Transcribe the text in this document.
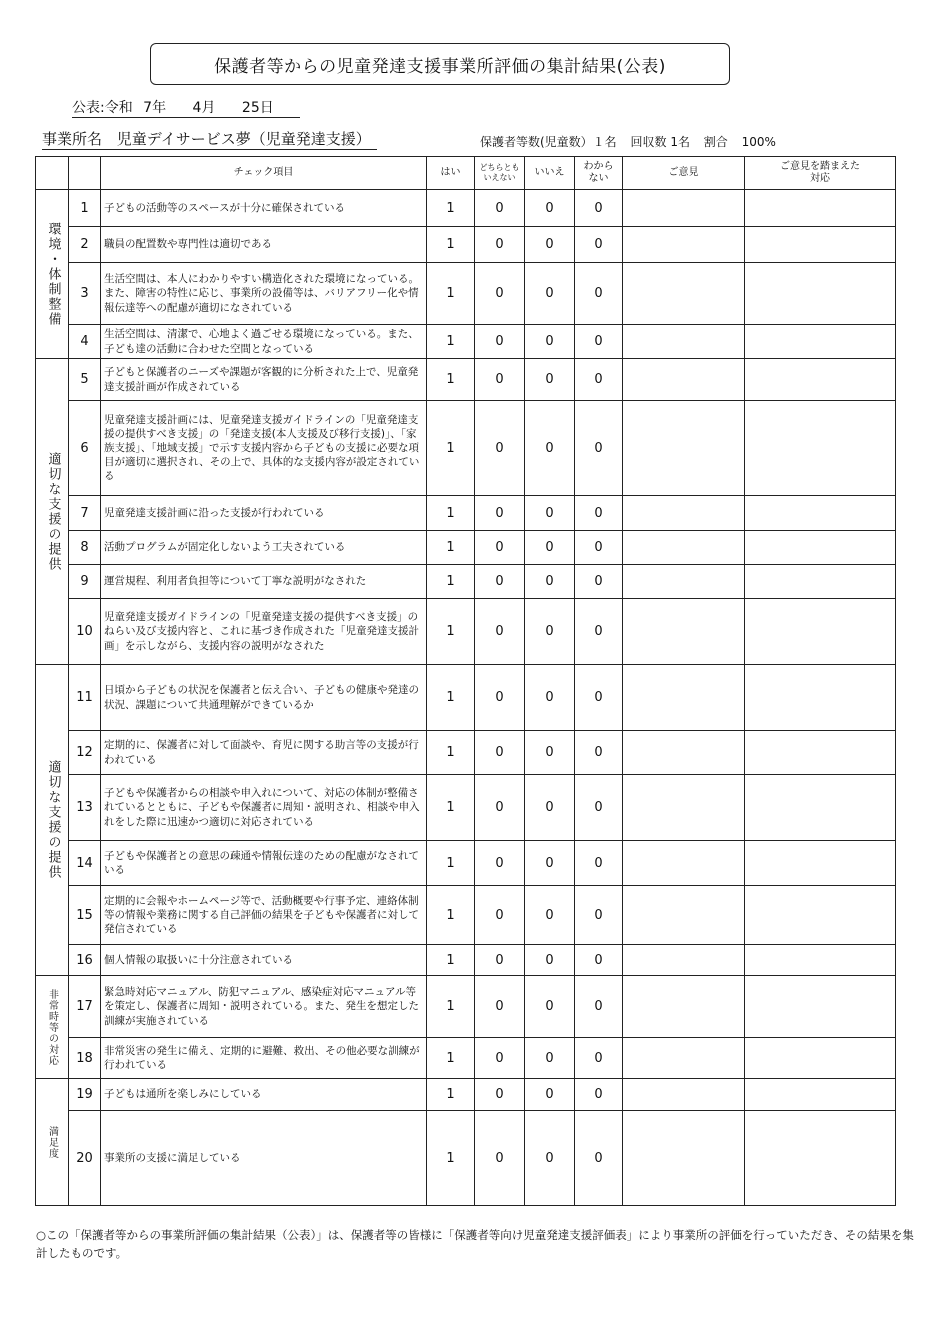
保護者等からの児童発達支援事業所評価の集計結果(公表)
公表:令和 7年 4月 25日
事業所名 児童デイサービス夢（児童発達支援）	保護者等数(児童数）１名 回収数 1名 割合 100%
		チェック項目	はい	どちらとも
いえない	いいえ	わから
ない	ご意見	ご意見を踏まえた
対応
環境・体制整備	1	子どもの活動等のスペースが十分に確保されている	1	0	0	0		
	2	職員の配置数や専門性は適切である	1	0	0	0		
	3	生活空間は、本人にわかりやすい構造化された環境になっている。また、障害の特性に応じ、事業所の設備等は、バリアフリー化や情報伝達等への配慮が適切になされている	1	0	0	0		
	4	生活空間は、清潔で、心地よく過ごせる環境になっている。また、子ども達の活動に合わせた空間となっている	1	0	0	0		
適切な支援の提供	5	子どもと保護者のニーズや課題が客観的に分析された上で、児童発達支援計画が作成されている	1	0	0	0		
	6	児童発達支援計画には、児童発達支援ガイドラインの「児童発達支援の提供すべき支援」の「発達支援(本人支援及び移行支援)」、「家族支援」、「地域支援」で示す支援内容から子どもの支援に必要な項目が適切に選択され、その上で、具体的な支援内容が設定されている	1	0	0	0		
	7	児童発達支援計画に沿った支援が行われている	1	0	0	0		
	8	活動プログラムが固定化しないよう工夫されている	1	0	0	0		
	9	運営規程、利用者負担等について丁寧な説明がなされた	1	0	0	0		
	10	児童発達支援ガイドラインの「児童発達支援の提供すべき支援」のねらい及び支援内容と、これに基づき作成された「児童発達支援計画」を示しながら、支援内容の説明がなされた	1	0	0	0		
適切な支援の提供	11	日頃から子どもの状況を保護者と伝え合い、子どもの健康や発達の状況、課題について共通理解ができているか	1	0	0	0		
	12	定期的に、保護者に対して面談や、育児に関する助言等の支援が行われている	1	0	0	0		
	13	子どもや保護者からの相談や申入れについて、対応の体制が整備されているとともに、子どもや保護者に周知・説明され、相談や申入れをした際に迅速かつ適切に対応されている	1	0	0	0		
	14	子どもや保護者との意思の疎通や情報伝達のための配慮がなされている	1	0	0	0		
	15	定期的に会報やホームページ等で、活動概要や行事予定、連絡体制等の情報や業務に関する自己評価の結果を子どもや保護者に対して発信されている	1	0	0	0		
	16	個人情報の取扱いに十分注意されている	1	0	0	0		
非常時等の対応	17	緊急時対応マニュアル、防犯マニュアル、感染症対応マニュアル等を策定し、保護者に周知・説明されている。また、発生を想定した訓練が実施されている	1	0	0	0		
	18	非常災害の発生に備え、定期的に避難、救出、その他必要な訓練が行われている	1	0	0	0		
満足度	19	子どもは通所を楽しみにしている	1	0	0	0		
	20	事業所の支援に満足している	1	0	0	0		
○この「保護者等からの事業所評価の集計結果（公表）」は、保護者等の皆様に「保護者等向け児童発達支援評価表」により事業所の評価を行っていただき、その結果を集計したものです。
